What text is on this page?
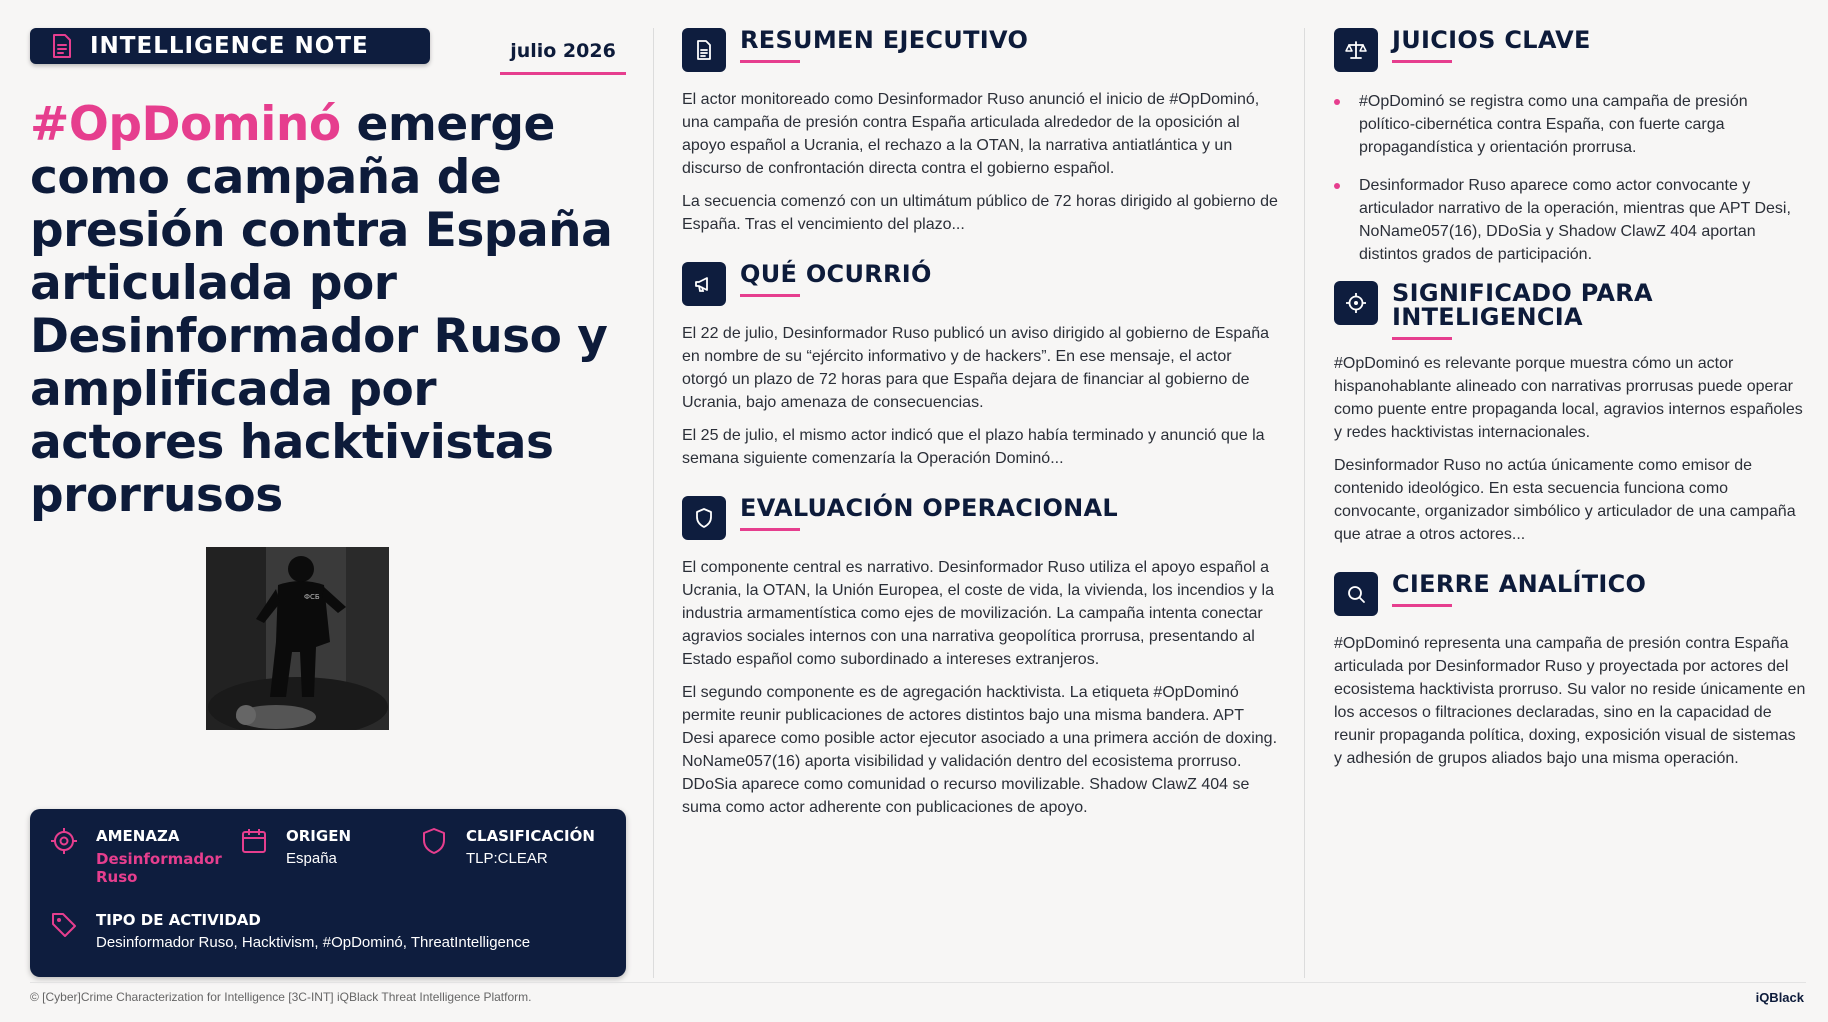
INTELLIGENCE NOTE	julio 2026
#OpDominó emerge como campaña de presión contra España articulada por Desinformador Ruso y amplificada por actores hacktivistas prorrusos
ФСБ
AMENAZA
Desinformador Ruso
ORIGEN
España
CLASIFICACIÓN
TLP:CLEAR
TIPO DE ACTIVIDAD
Desinformador Ruso, Hacktivism, #OpDominó, ThreatIntelligence
RESUMEN EJECUTIVO

El actor monitoreado como Desinformador Ruso anunció el inicio de #OpDominó, una campaña de presión contra España articulada alrededor de la oposición al apoyo español a Ucrania, el rechazo a la OTAN, la narrativa antiatlántica y un discurso de confrontación directa contra el gobierno español.

La secuencia comenzó con un ultimátum público de 72 horas dirigido al gobierno de España. Tras el vencimiento del plazo...

QUÉ OCURRIÓ

El 22 de julio, Desinformador Ruso publicó un aviso dirigido al gobierno de España en nombre de su “ejército informativo y de hackers”. En ese mensaje, el actor otorgó un plazo de 72 horas para que España dejara de financiar al gobierno de Ucrania, bajo amenaza de consecuencias.

El 25 de julio, el mismo actor indicó que el plazo había terminado y anunció que la semana siguiente comenzaría la Operación Dominó...

EVALUACIÓN OPERACIONAL

El componente central es narrativo. Desinformador Ruso utiliza el apoyo español a Ucrania, la OTAN, la Unión Europea, el coste de vida, la vivienda, los incendios y la industria armamentística como ejes de movilización. La campaña intenta conectar agravios sociales internos con una narrativa geopolítica prorrusa, presentando al Estado español como subordinado a intereses extranjeros.

El segundo componente es de agregación hacktivista. La etiqueta #OpDominó permite reunir publicaciones de actores distintos bajo una misma bandera. APT Desi aparece como posible actor ejecutor asociado a una primera acción de doxing. NoName057(16) aporta visibilidad y validación dentro del ecosistema prorruso. DDoSia aparece como comunidad o recurso movilizable. Shadow ClawZ 404 se suma como actor adherente con publicaciones de apoyo.

JUICIOS CLAVE
#OpDominó se registra como una campaña de presión político-cibernética contra España, con fuerte carga propagandística y orientación prorrusa.
Desinformador Ruso aparece como actor convocante y articulador narrativo de la operación, mientras que APT Desi, NoName057(16), DDoSia y Shadow ClawZ 404 aportan distintos grados de participación.
SIGNIFICADO PARA
INTELIGENCIA

#OpDominó es relevante porque muestra cómo un actor hispanohablante alineado con narrativas prorrusas puede operar como puente entre propaganda local, agravios internos españoles y redes hacktivistas internacionales.

Desinformador Ruso no actúa únicamente como emisor de contenido ideológico. En esta secuencia funciona como convocante, organizador simbólico y articulador de una campaña que atrae a otros actores...

CIERRE ANALÍTICO

#OpDominó representa una campaña de presión contra España articulada por Desinformador Ruso y proyectada por actores del ecosistema hacktivista prorruso. Su valor no reside únicamente en los accesos o filtraciones declaradas, sino en la capacidad de reunir propaganda política, doxing, exposición visual de sistemas y adhesión de grupos aliados bajo una misma operación.

© [Cyber]Crime Characterization for Intelligence [3C-INT] iQBlack Threat Intelligence Platform.	iQBlack
